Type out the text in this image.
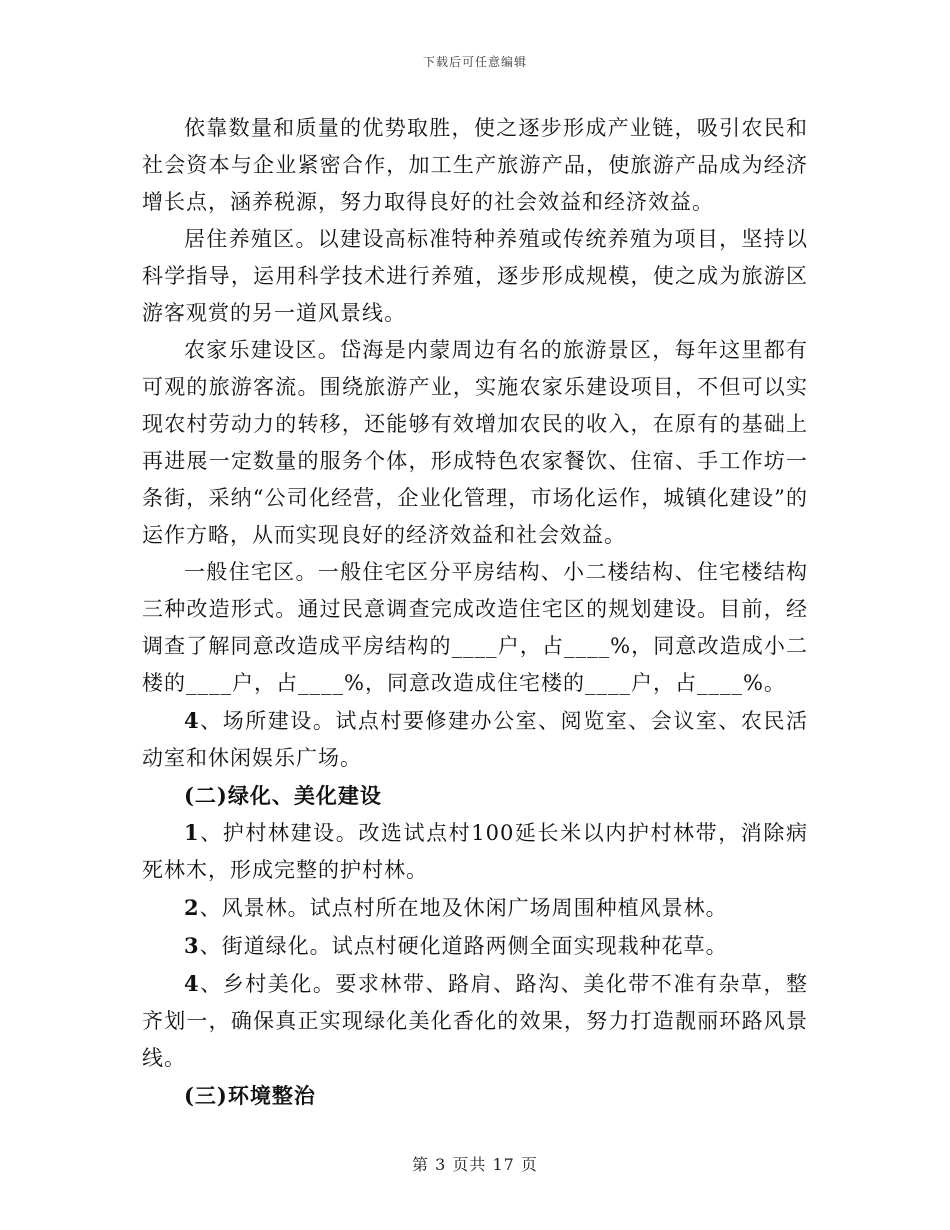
下载后可任意编辑

依靠数量和质量的优势取胜，使之逐步形成产业链，吸引农民和社会资本与企业紧密合作，加工生产旅游产品，使旅游产品成为经济增长点，涵养税源，努力取得良好的社会效益和经济效益。

居住养殖区。以建设高标准特种养殖或传统养殖为项目，坚持以科学指导，运用科学技术进行养殖，逐步形成规模，使之成为旅游区游客观赏的另一道风景线。

农家乐建设区。岱海是内蒙周边有名的旅游景区，每年这里都有可观的旅游客流。围绕旅游产业，实施农家乐建设项目，不但可以实现农村劳动力的转移，还能够有效增加农民的收入，在原有的基础上再进展一定数量的服务个体，形成特色农家餐饮、住宿、手工作坊一条街，采纳“公司化经营，企业化管理，市场化运作，城镇化建设”的运作方略，从而实现良好的经济效益和社会效益。

一般住宅区。一般住宅区分平房结构、小二楼结构、住宅楼结构三种改造形式。通过民意调查完成改造住宅区的规划建设。目前，经调查了解同意改造成平房结构的____户，占____%，同意改造成小二楼的____户，占____%，同意改造成住宅楼的____户，占____%。

4、场所建设。试点村要修建办公室、阅览室、会议室、农民活动室和休闲娱乐广场。

(二)绿化、美化建设

1、护村林建设。改选试点村100延长米以内护村林带，消除病死林木，形成完整的护村林。

2、风景林。试点村所在地及休闲广场周围种植风景林。

3、街道绿化。试点村硬化道路两侧全面实现栽种花草。

4、乡村美化。要求林带、路肩、路沟、美化带不准有杂草，整齐划一，确保真正实现绿化美化香化的效果，努力打造靓丽环路风景线。

(三)环境整治

第 3 页共 17 页
